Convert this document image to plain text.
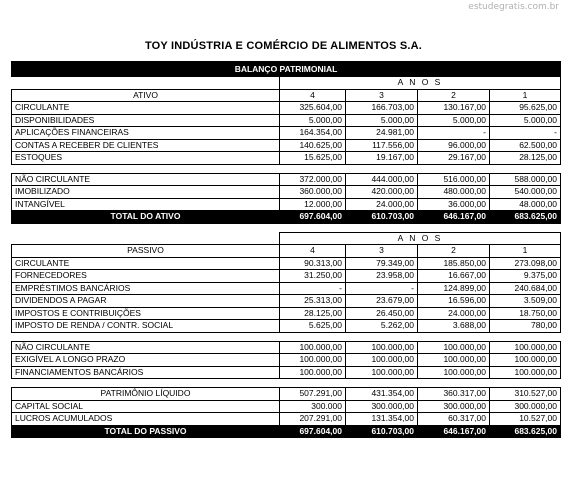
estudegratis.com.br
TOY INDÚSTRIA E COMÉRCIO DE ALIMENTOS S.A.
BALANÇO PATRIMONIAL				
	A N O S			
ATIVO	4	3	2	1
CIRCULANTE	325.604,00	166.703,00	130.167,00	95.625,00
DISPONIBILIDADES	5.000,00	5.000,00	5.000,00	5.000,00
APLICAÇÕES FINANCEIRAS	164.354,00	24.981,00	-	-
CONTAS A RECEBER DE CLIENTES	140.625,00	117.556,00	96.000,00	62.500,00
ESTOQUES	15.625,00	19.167,00	29.167,00	28.125,00

NÃO CIRCULANTE	372.000,00	444.000,00	516.000,00	588.000,00
IMOBILIZADO	360.000,00	420.000,00	480.000,00	540.000,00
INTANGÍVEL	12.000,00	24.000,00	36.000,00	48.000,00
TOTAL DO ATIVO	697.604,00	610.703,00	646.167,00	683.625,00

	A N O S			
PASSIVO	4	3	2	1
CIRCULANTE	90.313,00	79.349,00	185.850,00	273.098,00
FORNECEDORES	31.250,00	23.958,00	16.667,00	9.375,00
EMPRÉSTIMOS BANCÁRIOS	-	-	124.899,00	240.684,00
DIVIDENDOS A PAGAR	25.313,00	23.679,00	16.596,00	3.509,00
IMPOSTOS E CONTRIBUIÇÕES	28.125,00	26.450,00	24.000,00	18.750,00
IMPOSTO DE RENDA / CONTR. SOCIAL	5.625,00	5.262,00	3.688,00	780,00

NÃO CIRCULANTE	100.000,00	100.000,00	100.000,00	100.000,00
EXIGÍVEL A LONGO PRAZO	100.000,00	100.000,00	100.000,00	100.000,00
FINANCIAMENTOS BANCÁRIOS	100.000,00	100.000,00	100.000,00	100.000,00

PATRIMÔNIO LÍQUIDO	507.291,00	431.354,00	360.317,00	310.527,00
CAPITAL SOCIAL	300.000	300.000,00	300.000,00	300.000,00
LUCROS ACUMULADOS	207.291,00	131.354,00	60.317,00	10.527,00
TOTAL DO PASSIVO	697.604,00	610.703,00	646.167,00	683.625,00
